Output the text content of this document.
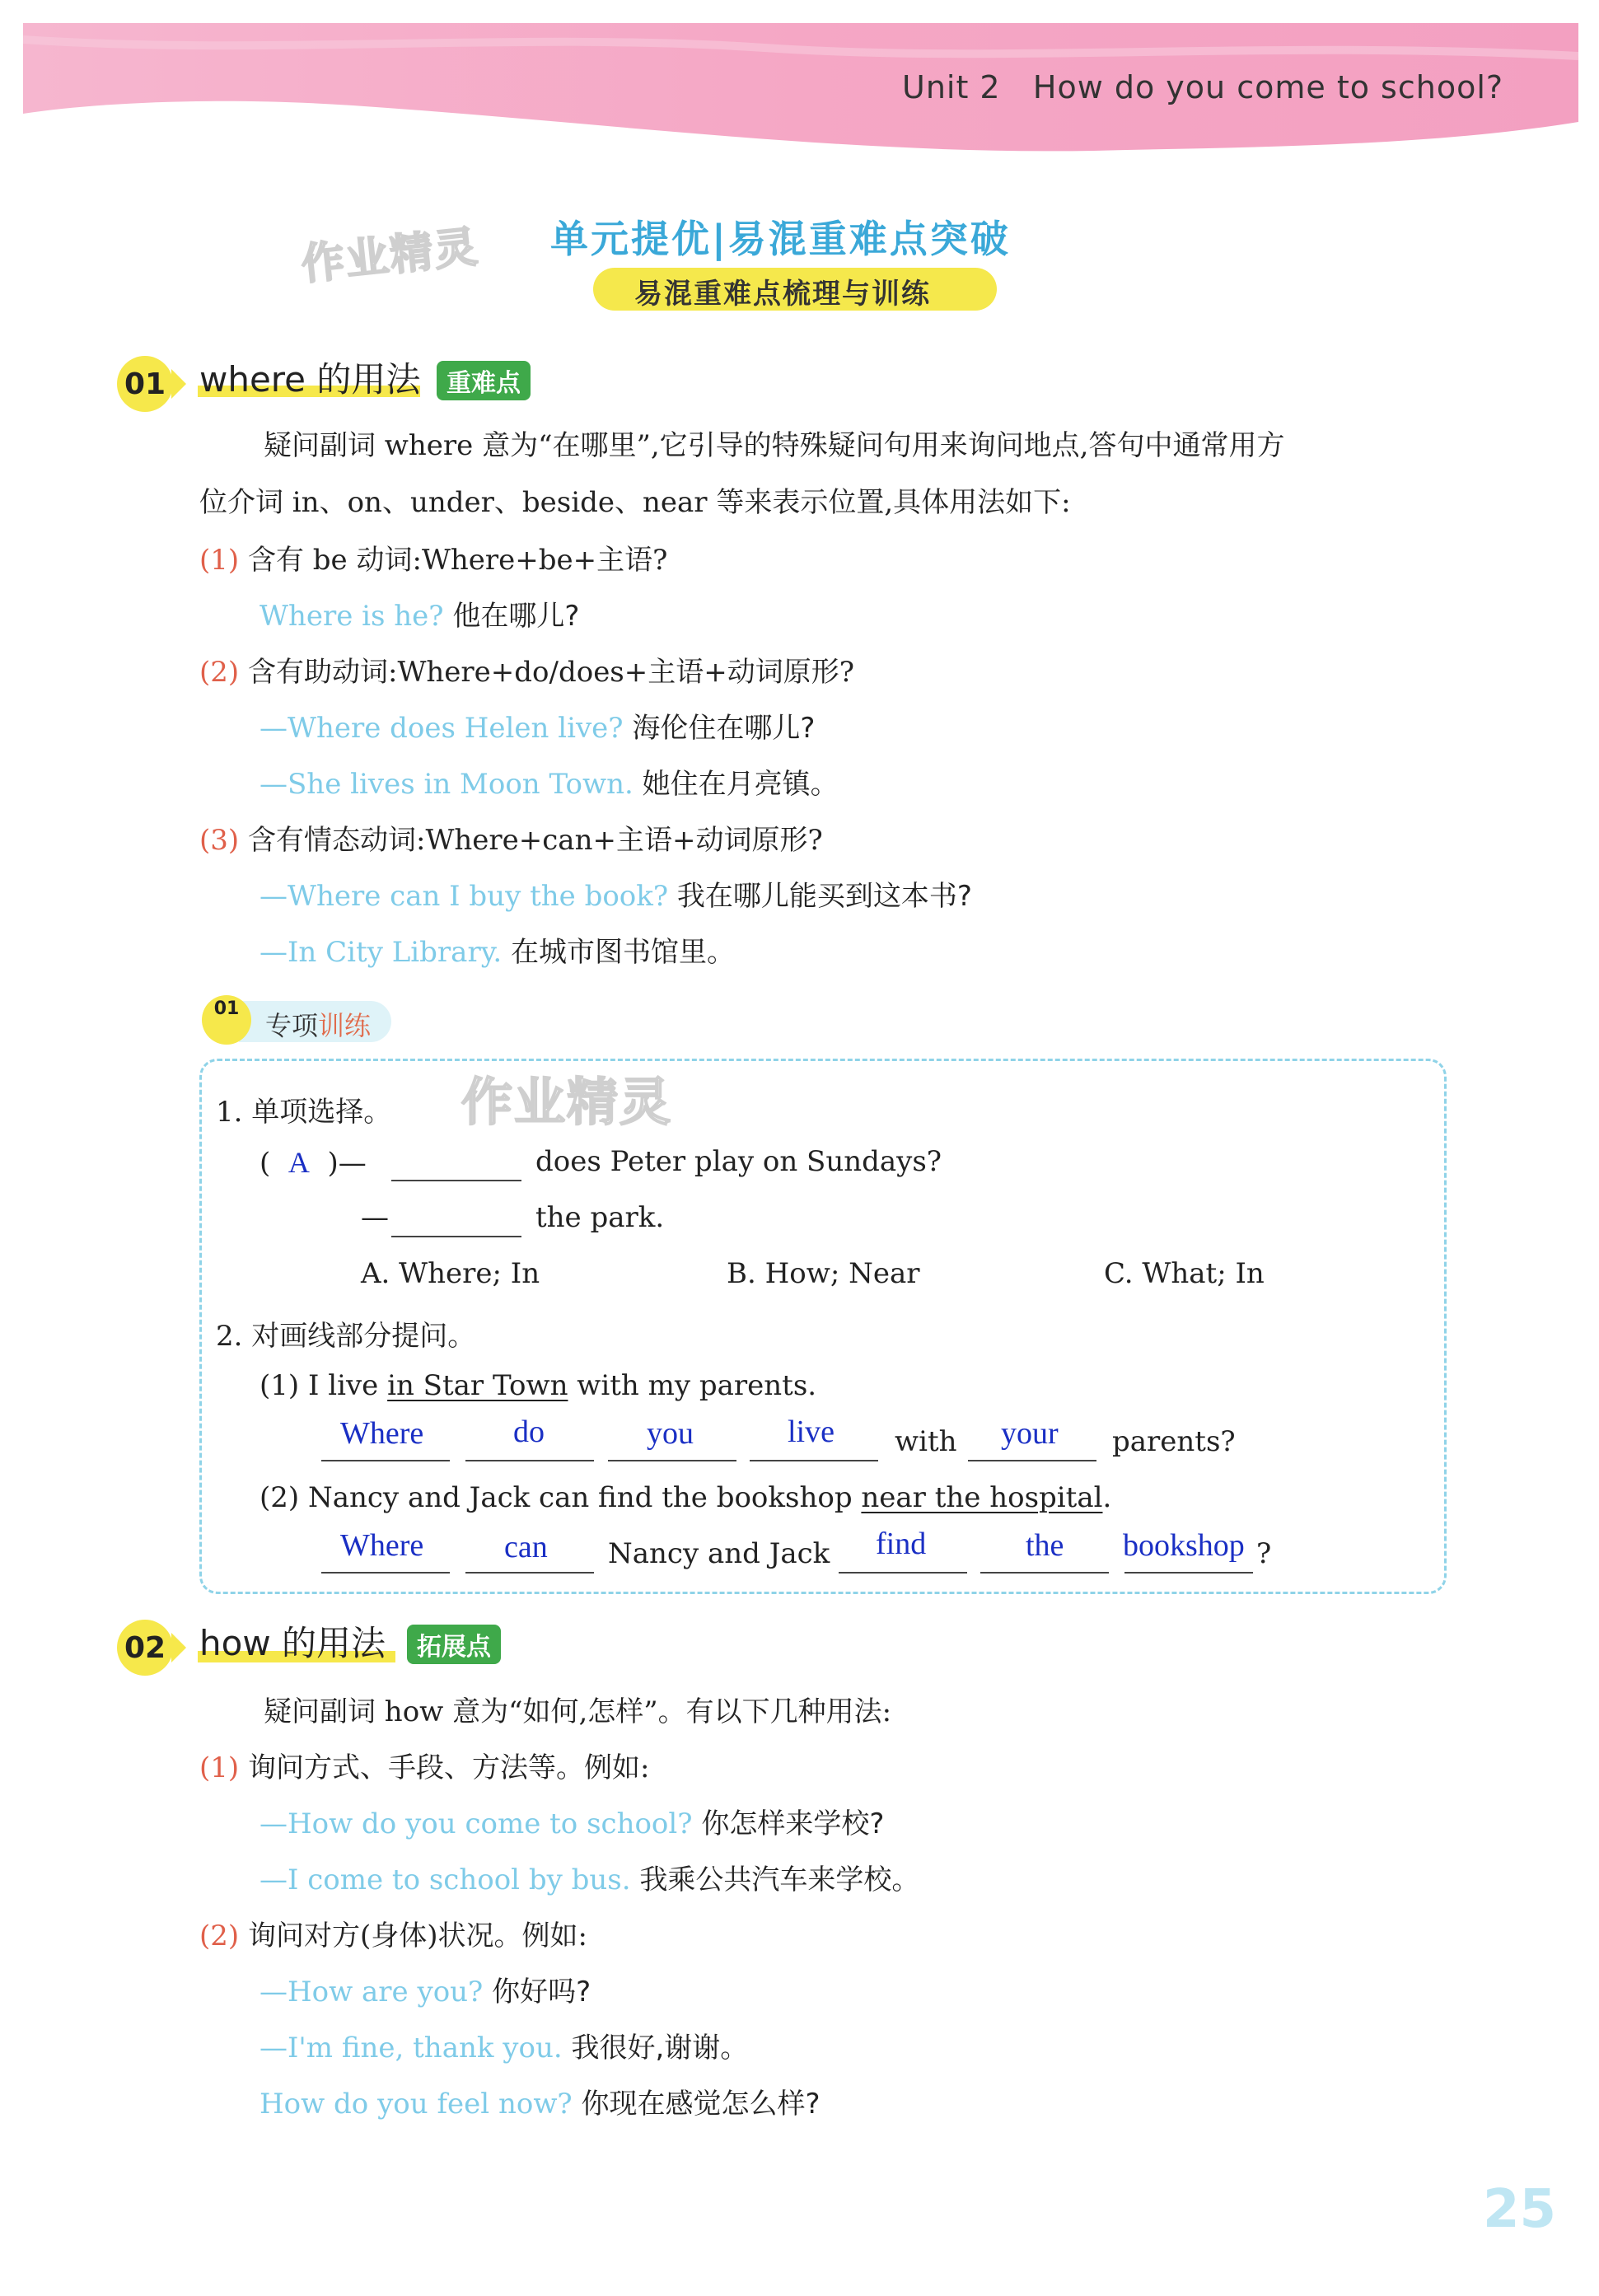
Unit 2 How do you come to school?
作业精灵 单元提优|易混重难点突破
易混重难点梳理与训练
01 where 的用法	重难点
疑问副词 where 意为“在哪里”,它引导的特殊疑问句用来询问地点,答句中通常用方
位介词 in、on、under、beside、near 等来表示位置,具体用法如下:
(1) 含有 be 动词:Where+be+主语?
Where is he? 他在哪儿?
(2) 含有助动词:Where+do/does+主语+动词原形?
—Where does Helen live? 海伦住在哪儿?
—She lives in Moon Town. 她住在月亮镇。
(3) 含有情态动词:Where+can+主语+动词原形?
—Where can I buy the book? 我在哪儿能买到这本书?
—In City Library. 在城市图书馆里。
01
专项训练
作业精灵
1. 单项选择。
( A )—	does Peter play on Sundays?
—	the park.
A. Where; In	B. How; Near	C. What; In
2. 对画线部分提问。
(1) I live in Star Town with my parents.
Where	do	you	live with your parents?
(2) Nancy and Jack can find the bookshop near the hospital.
Where	can Nancy and Jack find	the bookshop ?
02 how 的用法	拓展点
疑问副词 how 意为“如何,怎样”。有以下几种用法:
(1) 询问方式、手段、方法等。例如:
—How do you come to school? 你怎样来学校?
—I come to school by bus. 我乘公共汽车来学校。
(2) 询问对方(身体)状况。例如:
—How are you? 你好吗?
—I'm fine, thank you. 我很好,谢谢。
How do you feel now? 你现在感觉怎么样?
25
